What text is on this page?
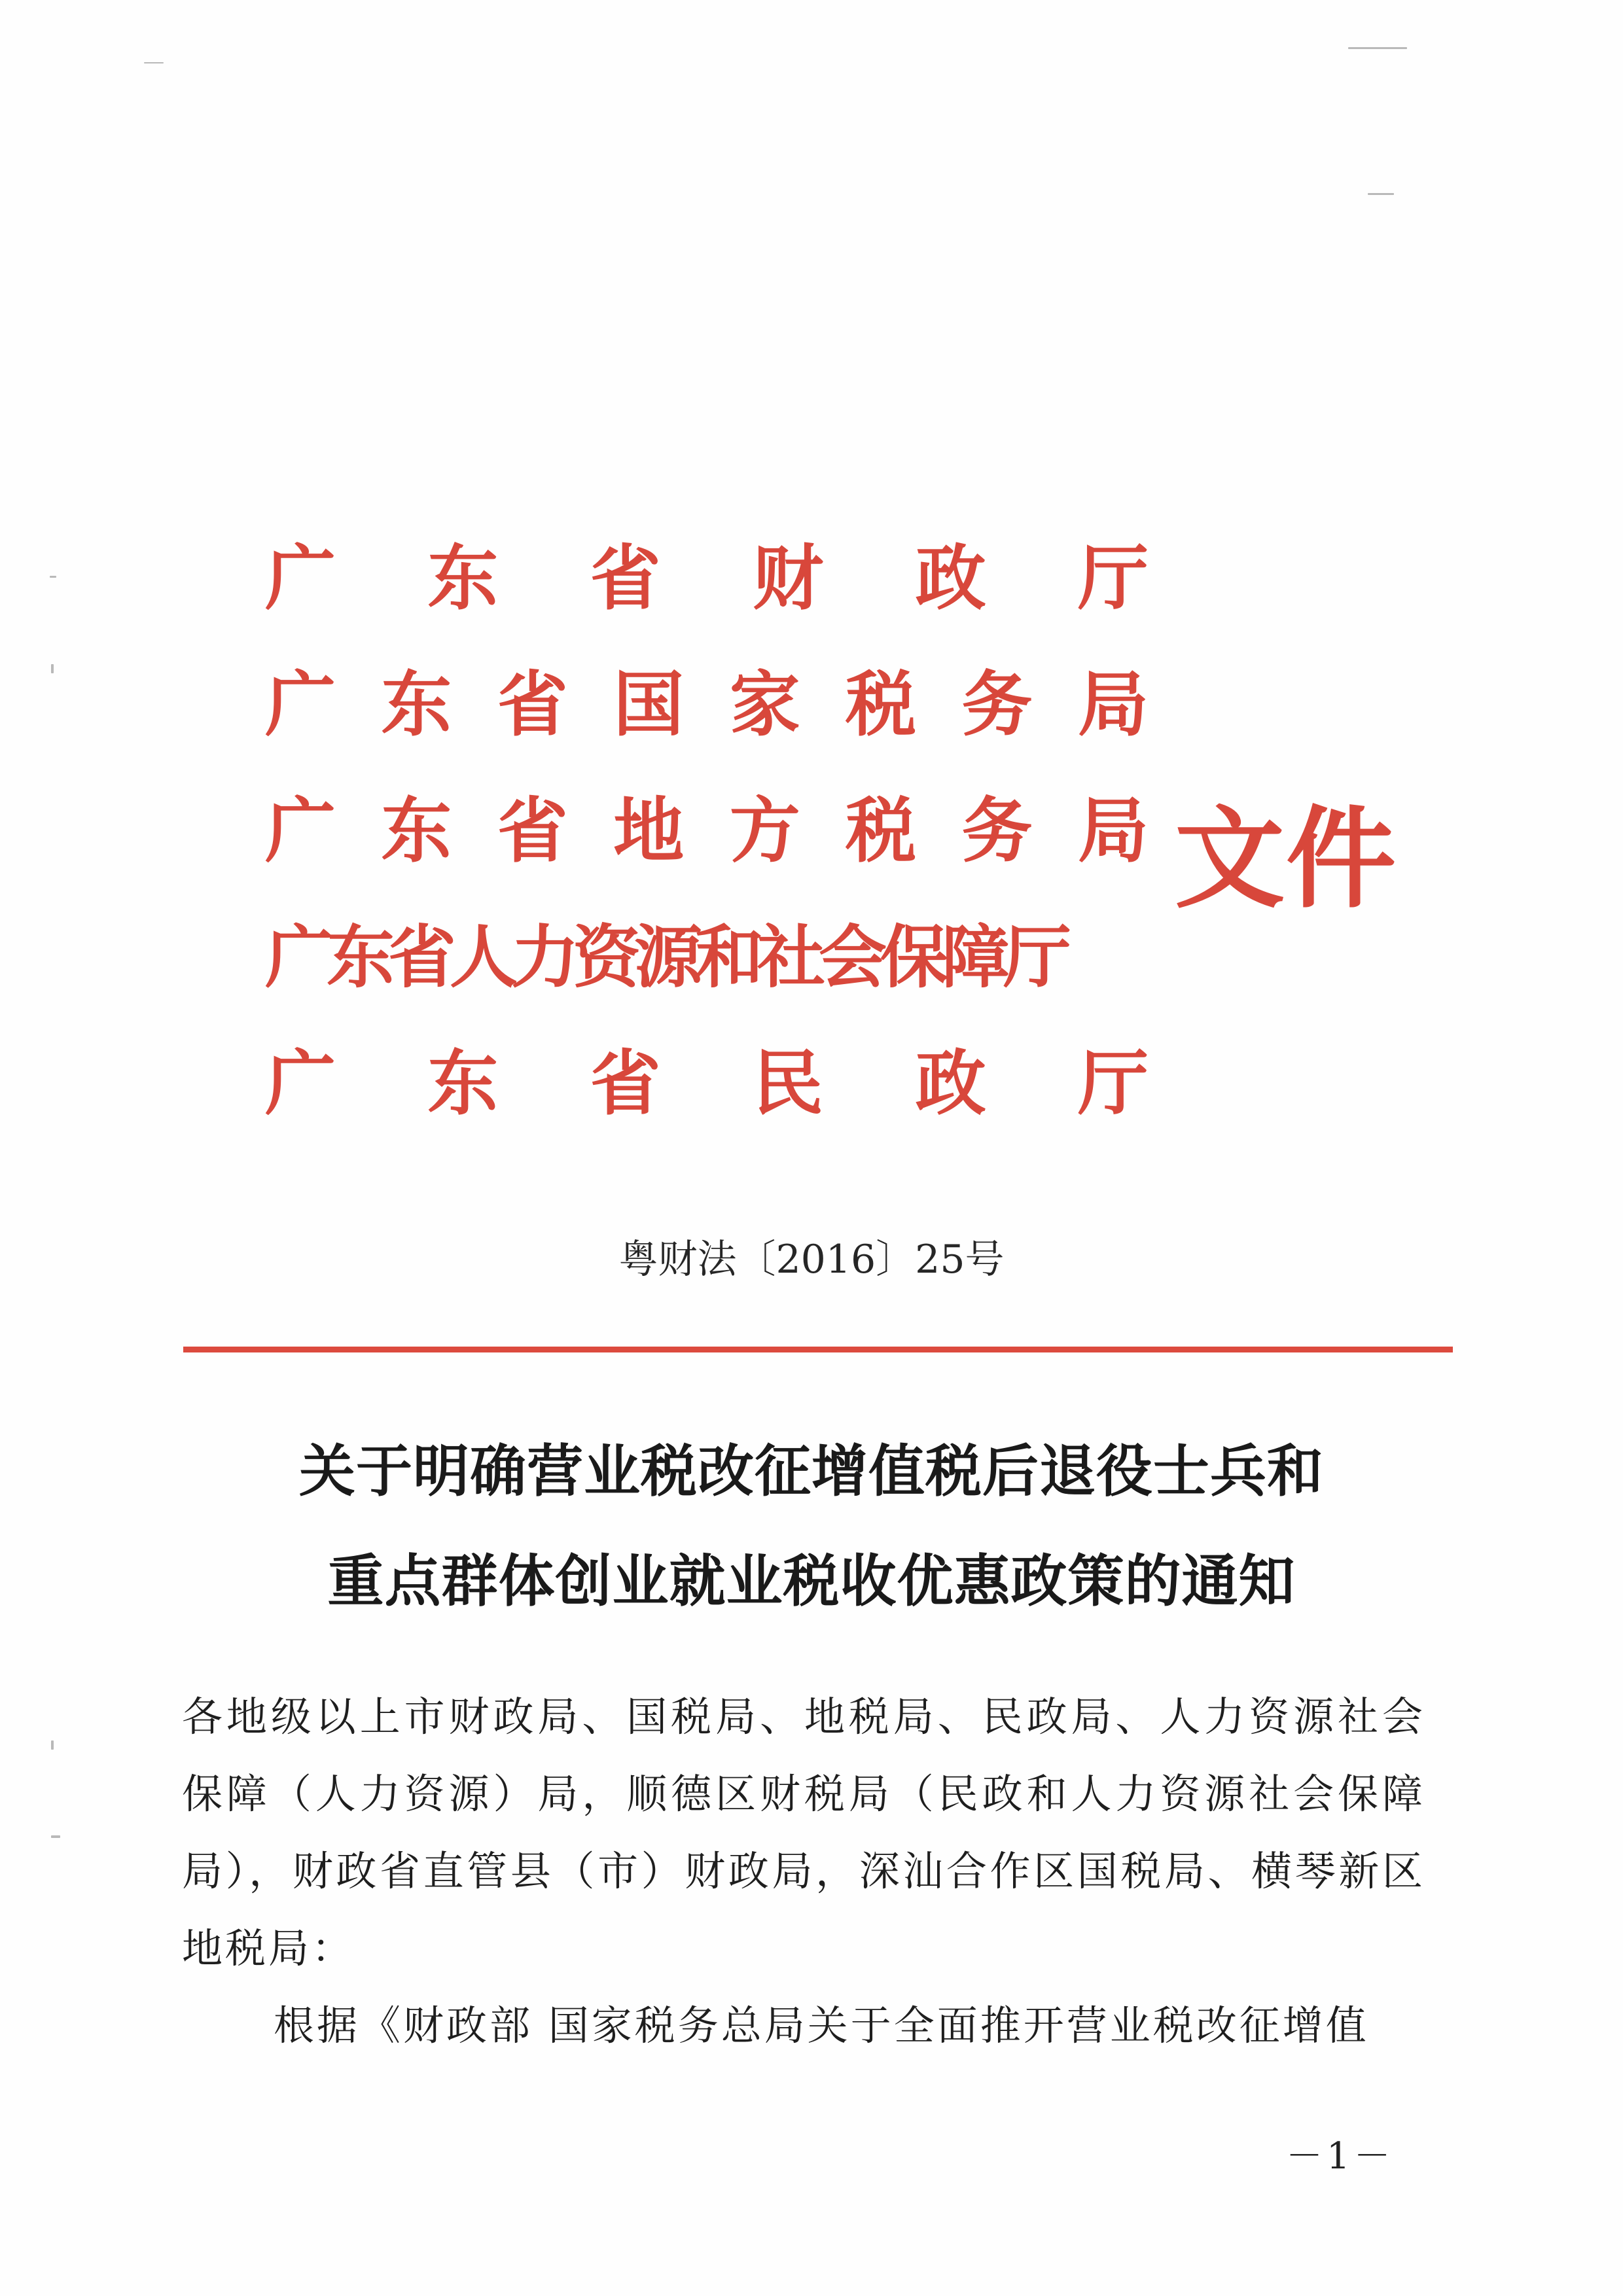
广 东 省 财 政 厅
广 东 省 国 家 税 务 局
广 东 省 地 方 税 务 局
广东省人力资源和社会保障厅
广 东 省 民 政 厅
文件
粤财法〔2016〕25号
关于明确营业税改征增值税后退役士兵和
重点群体创业就业税收优惠政策的通知
各地级以上市财政局、国税局、地税局、民政局、人力资源社会保障（人力资源）局，顺德区财税局（民政和人力资源社会保障局），财政省直管县（市）财政局，深汕合作区国税局、横琴新区地税局：
根据《财政部 国家税务总局关于全面推开营业税改征增值
－1－
